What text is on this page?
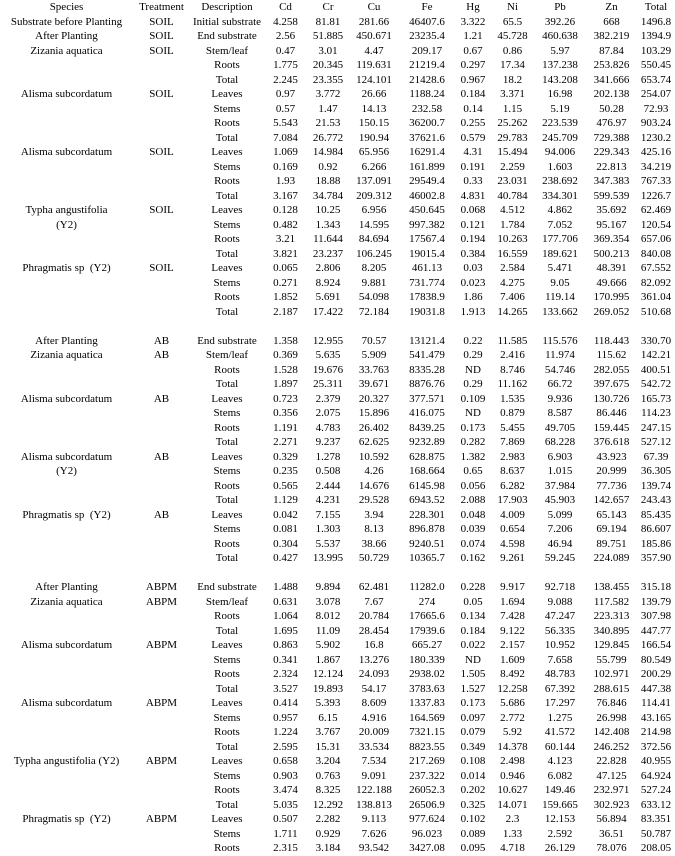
Species	Treatment	Description	Cd	Cr	Cu	Fe	Hg	Ni	Pb	Zn	Total
Substrate before Planting	SOIL	Initial substrate	4.258	81.81	281.66	46407.6	3.322	65.5	392.26	668	1496.8
After Planting	SOIL	End substrate	2.56	51.885	450.671	23235.4	1.21	45.728	460.638	382.219	1394.9
Zizania aquatica	SOIL	Stem/leaf	0.47	3.01	4.47	209.17	0.67	0.86	5.97	87.84	103.29
		Roots	1.775	20.345	119.631	21219.4	0.297	17.34	137.238	253.826	550.45
		Total	2.245	23.355	124.101	21428.6	0.967	18.2	143.208	341.666	653.74
Alisma subcordatum	SOIL	Leaves	0.97	3.772	26.66	1188.24	0.184	3.371	16.98	202.138	254.07
		Stems	0.57	1.47	14.13	232.58	0.14	1.15	5.19	50.28	72.93
		Roots	5.543	21.53	150.15	36200.7	0.255	25.262	223.539	476.97	903.24
		Total	7.084	26.772	190.94	37621.6	0.579	29.783	245.709	729.388	1230.2
Alisma subcordatum	SOIL	Leaves	1.069	14.984	65.956	16291.4	4.31	15.494	94.006	229.343	425.16
		Stems	0.169	0.92	6.266	161.899	0.191	2.259	1.603	22.813	34.219
		Roots	1.93	18.88	137.091	29549.4	0.33	23.031	238.692	347.383	767.33
		Total	3.167	34.784	209.312	46002.8	4.831	40.784	334.301	599.539	1226.7
Typha angustifolia	SOIL	Leaves	0.128	10.25	6.956	450.645	0.068	4.512	4.862	35.692	62.469
(Y2)		Stems	0.482	1.343	14.595	997.382	0.121	1.784	7.052	95.167	120.54
		Roots	3.21	11.644	84.694	17567.4	0.194	10.263	177.706	369.354	657.06
		Total	3.821	23.237	106.245	19015.4	0.384	16.559	189.621	500.213	840.08
Phragmatis sp  (Y2)	SOIL	Leaves	0.065	2.806	8.205	461.13	0.03	2.584	5.471	48.391	67.552
		Stems	0.271	8.924	9.881	731.774	0.023	4.275	9.05	49.666	82.092
		Roots	1.852	5.691	54.098	17838.9	1.86	7.406	119.14	170.995	361.04
		Total	2.187	17.422	72.184	19031.8	1.913	14.265	133.662	269.052	510.68

After Planting	AB	End substrate	1.358	12.955	70.57	13121.4	0.22	11.585	115.576	118.443	330.70
Zizania aquatica	AB	Stem/leaf	0.369	5.635	5.909	541.479	0.29	2.416	11.974	115.62	142.21
		Roots	1.528	19.676	33.763	8335.28	ND	8.746	54.746	282.055	400.51
		Total	1.897	25.311	39.671	8876.76	0.29	11.162	66.72	397.675	542.72
Alisma subcordatum	AB	Leaves	0.723	2.379	20.327	377.571	0.109	1.535	9.936	130.726	165.73
		Stems	0.356	2.075	15.896	416.075	ND	0.879	8.587	86.446	114.23
		Roots	1.191	4.783	26.402	8439.25	0.173	5.455	49.705	159.445	247.15
		Total	2.271	9.237	62.625	9232.89	0.282	7.869	68.228	376.618	527.12
Alisma subcordatum	AB	Leaves	0.329	1.278	10.592	628.875	1.382	2.983	6.903	43.923	67.39
(Y2)		Stems	0.235	0.508	4.26	168.664	0.65	8.637	1.015	20.999	36.305
		Roots	0.565	2.444	14.676	6145.98	0.056	6.282	37.984	77.736	139.74
		Total	1.129	4.231	29.528	6943.52	2.088	17.903	45.903	142.657	243.43
Phragmatis sp  (Y2)	AB	Leaves	0.042	7.155	3.94	228.301	0.048	4.009	5.099	65.143	85.435
		Stems	0.081	1.303	8.13	896.878	0.039	0.654	7.206	69.194	86.607
		Roots	0.304	5.537	38.66	9240.51	0.074	4.598	46.94	89.751	185.86
		Total	0.427	13.995	50.729	10365.7	0.162	9.261	59.245	224.089	357.90

After Planting	ABPM	End substrate	1.488	9.894	62.481	11282.0	0.228	9.917	92.718	138.455	315.18
Zizania aquatica	ABPM	Stem/leaf	0.631	3.078	7.67	274	0.05	1.694	9.088	117.582	139.79
		Roots	1.064	8.012	20.784	17665.6	0.134	7.428	47.247	223.313	307.98
		Total	1.695	11.09	28.454	17939.6	0.184	9.122	56.335	340.895	447.77
Alisma subcordatum	ABPM	Leaves	0.863	5.902	16.8	665.27	0.022	2.157	10.952	129.845	166.54
		Stems	0.341	1.867	13.276	180.339	ND	1.609	7.658	55.799	80.549
		Roots	2.324	12.124	24.093	2938.02	1.505	8.492	48.783	102.971	200.29
		Total	3.527	19.893	54.17	3783.63	1.527	12.258	67.392	288.615	447.38
Alisma subcordatum	ABPM	Leaves	0.414	5.393	8.609	1337.83	0.173	5.686	17.297	76.846	114.41
		Stems	0.957	6.15	4.916	164.569	0.097	2.772	1.275	26.998	43.165
		Roots	1.224	3.767	20.009	7321.15	0.079	5.92	41.572	142.408	214.98
		Total	2.595	15.31	33.534	8823.55	0.349	14.378	60.144	246.252	372.56
Typha angustifolia (Y2)	ABPM	Leaves	0.658	3.204	7.534	217.269	0.108	2.498	4.123	22.828	40.955
		Stems	0.903	0.763	9.091	237.322	0.014	0.946	6.082	47.125	64.924
		Roots	3.474	8.325	122.188	26052.3	0.202	10.627	149.46	232.971	527.24
		Total	5.035	12.292	138.813	26506.9	0.325	14.071	159.665	302.923	633.12
Phragmatis sp  (Y2)	ABPM	Leaves	0.507	2.282	9.113	977.624	0.102	2.3	12.153	56.894	83.351
		Stems	1.711	0.929	7.626	96.023	0.089	1.33	2.592	36.51	50.787
		Roots	2.315	3.184	93.542	3427.08	0.095	4.718	26.129	78.076	208.05
